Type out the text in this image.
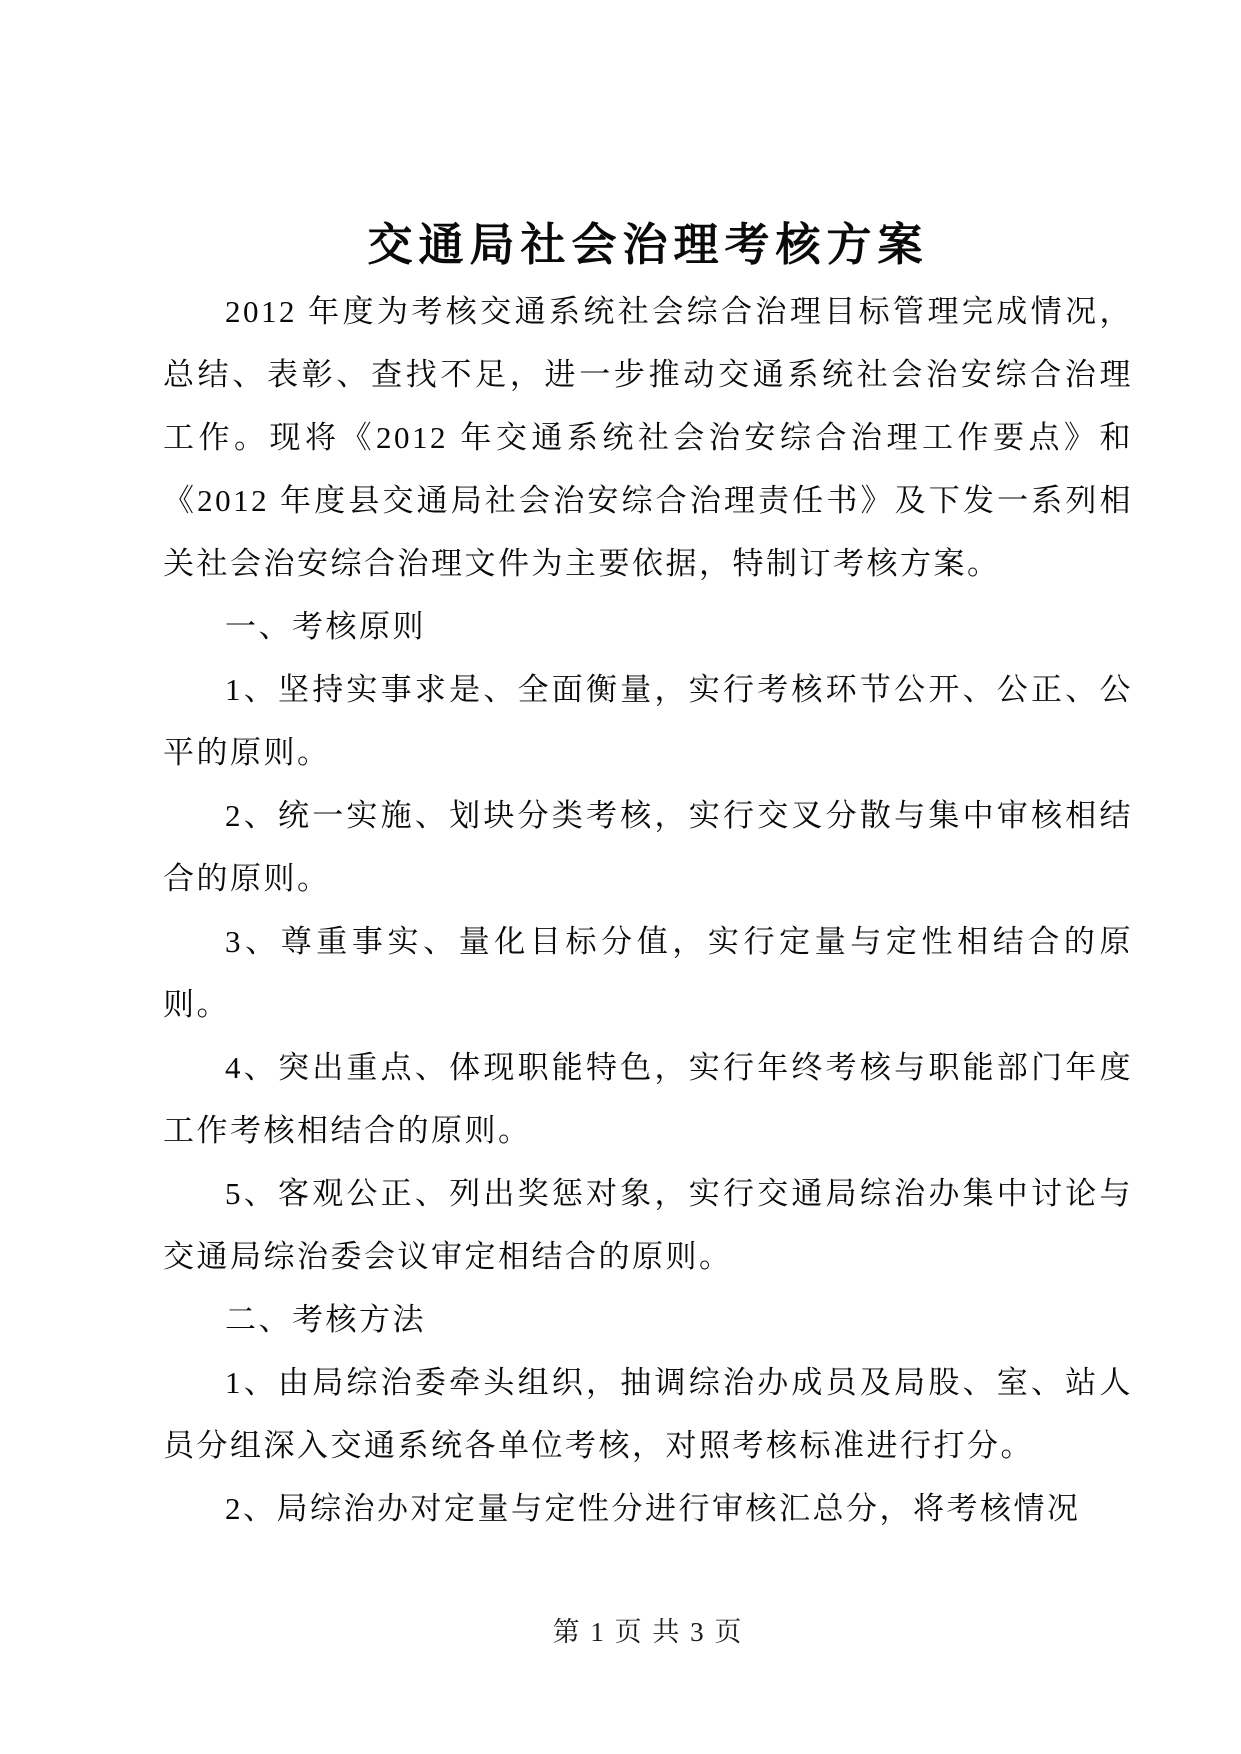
交通局社会治理考核方案

2012 年度为考核交通系统社会综合治理目标管理完成情况，总结、表彰、查找不足，进一步推动交通系统社会治安综合治理工作。现将《2012 年交通系统社会治安综合治理工作要点》和《2012 年度县交通局社会治安综合治理责任书》及下发一系列相关社会治安综合治理文件为主要依据，特制订考核方案。

一、考核原则

1、坚持实事求是、全面衡量，实行考核环节公开、公正、公平的原则。

2、统一实施、划块分类考核，实行交叉分散与集中审核相结合的原则。

3、尊重事实、量化目标分值，实行定量与定性相结合的原则。

4、突出重点、体现职能特色，实行年终考核与职能部门年度工作考核相结合的原则。

5、客观公正、列出奖惩对象，实行交通局综治办集中讨论与交通局综治委会议审定相结合的原则。

二、考核方法

1、由局综治委牵头组织，抽调综治办成员及局股、室、站人员分组深入交通系统各单位考核，对照考核标准进行打分。

2、局综治办对定量与定性分进行审核汇总分，将考核情况

第 1 页 共 3 页
